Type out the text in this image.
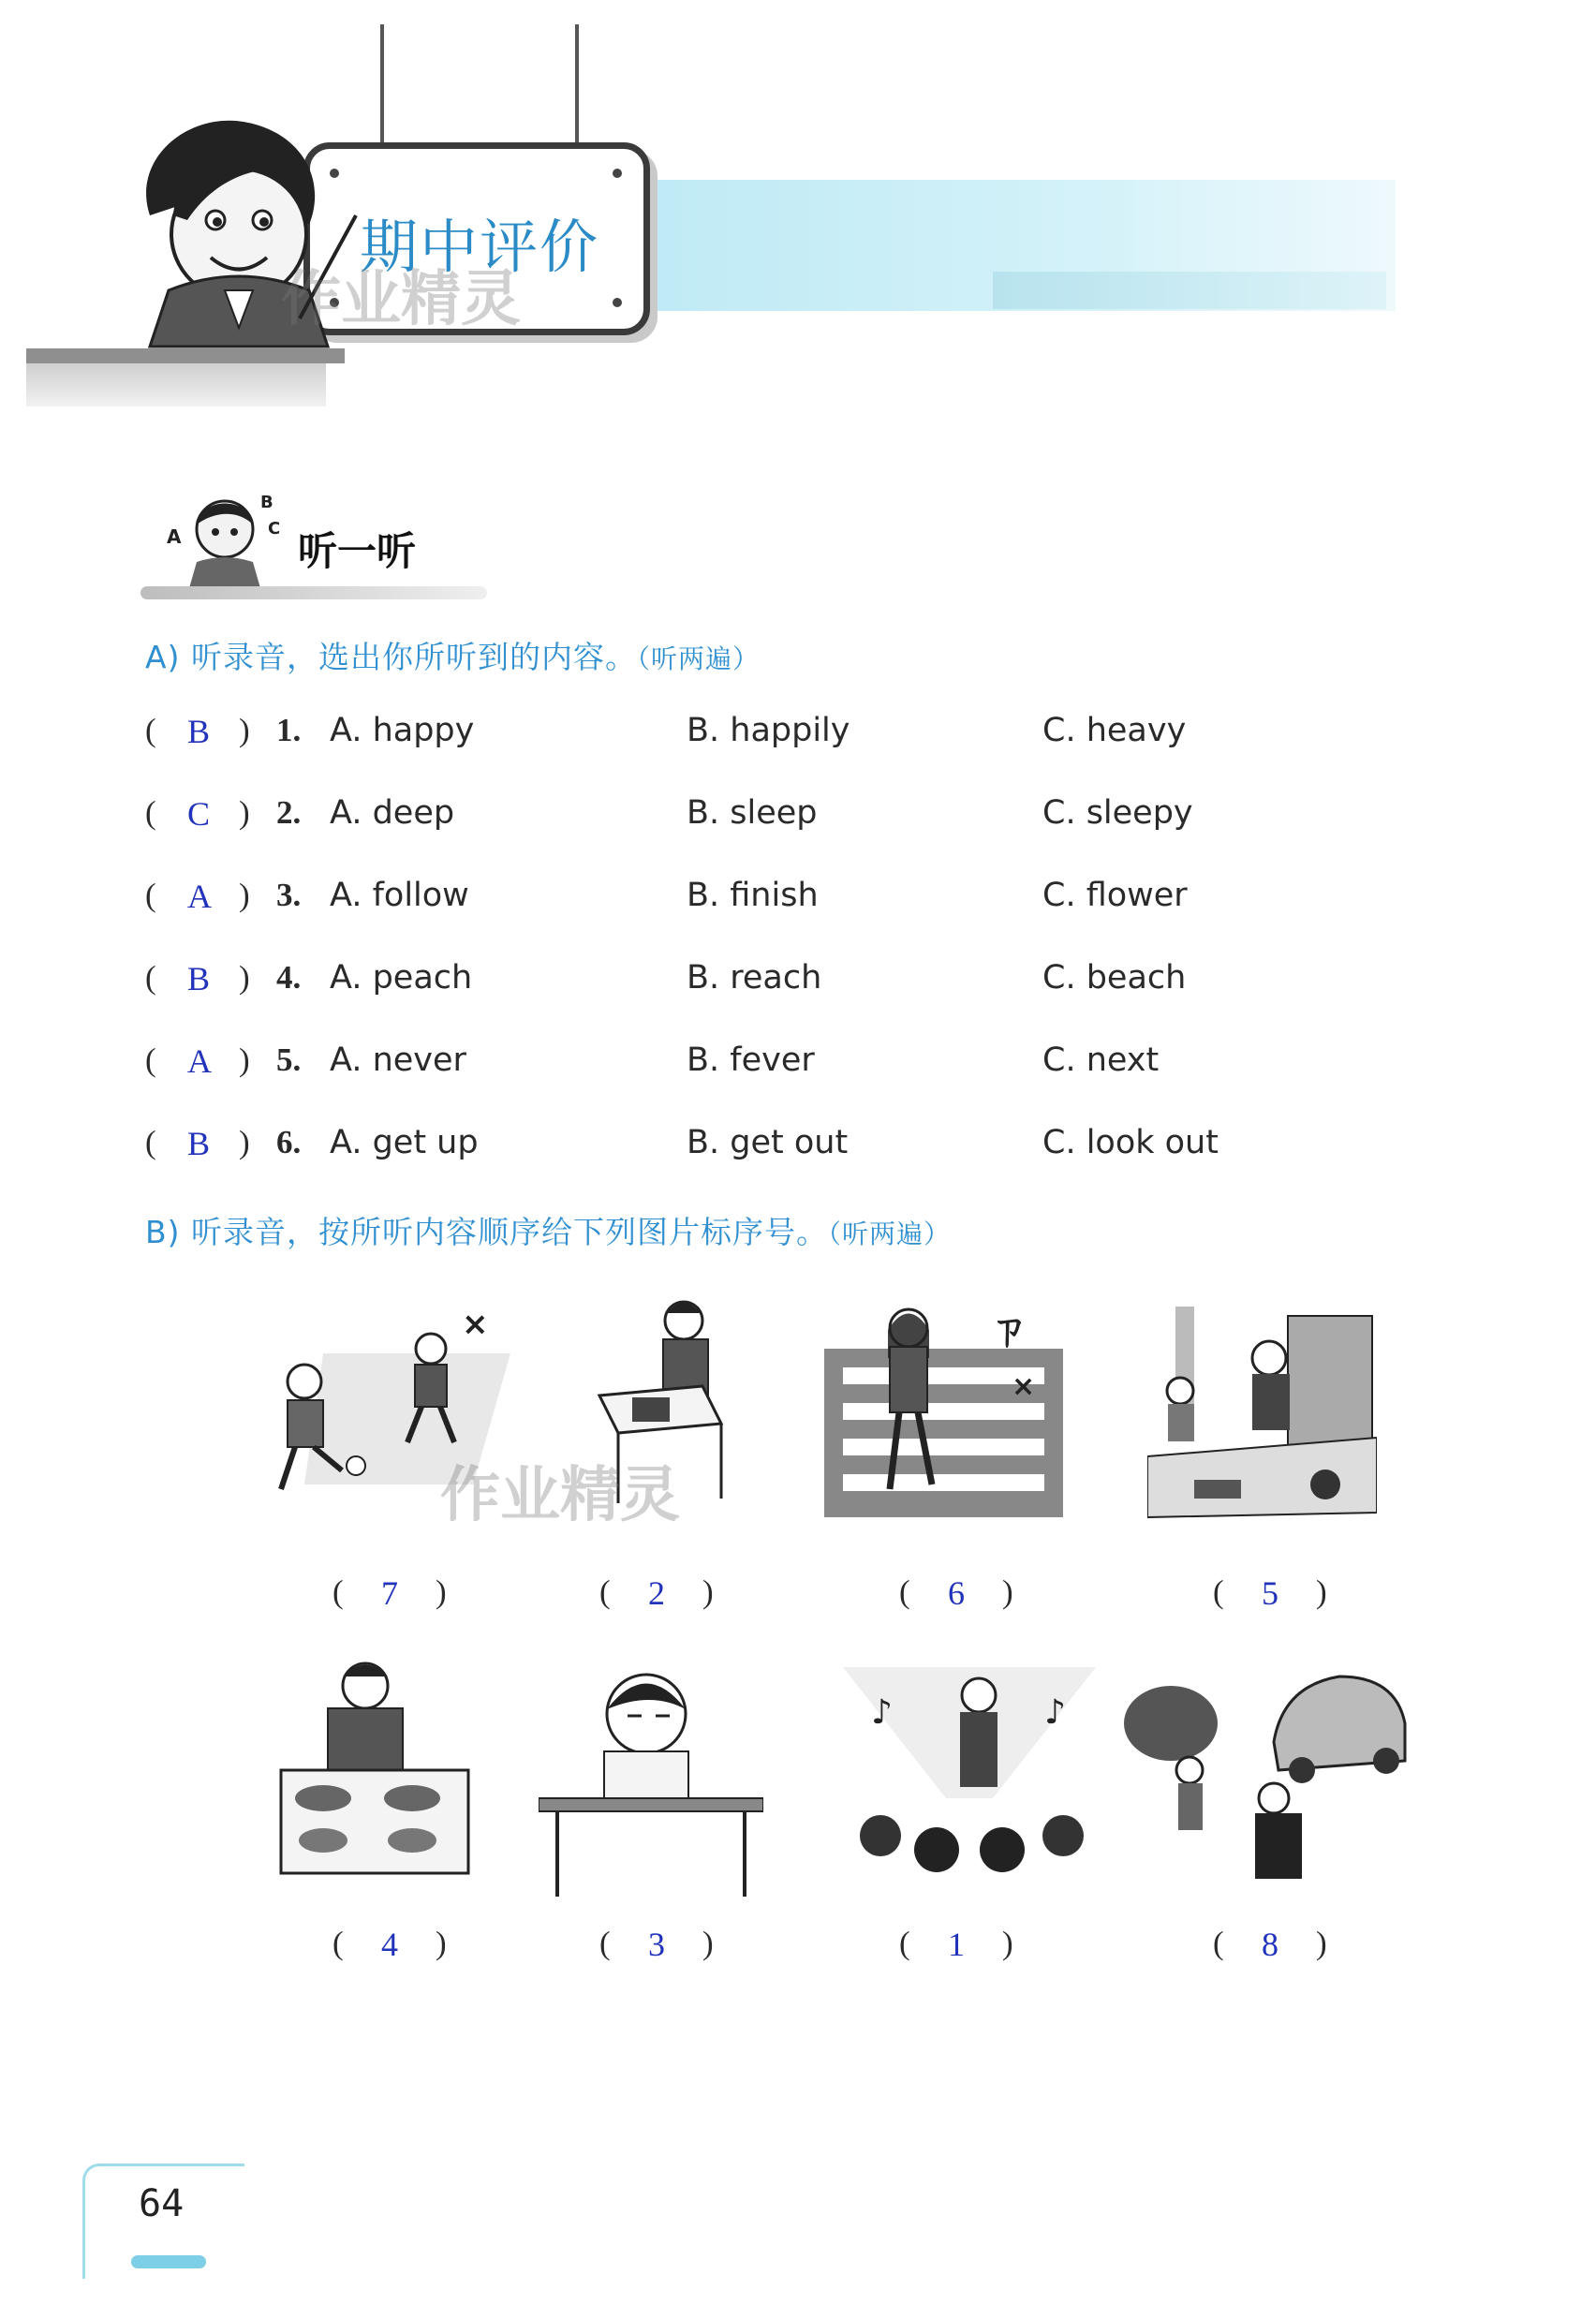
期中评价
作业精灵
A
B
C 听一听
A) 听录音，选出你所听到的内容。（听两遍）
( B ) 1. A. happy	B. happily	C. heavy
( C ) 2. A. deep	B. sleep	C. sleepy
( A ) 3. A. follow	B. finish	C. flower
( B ) 4. A. peach	B. reach	C. beach
( A ) 5. A. never	B. fever	C. next
( B ) 6. A. get up	B. get out	C. look out
B) 听录音，按所听内容顺序给下列图片标序号。（听两遍）
×	ㄗ
×
♪	♪
( 7 )	( 2 )	( 6 )	( 5 )
( 4 )	( 3 )	( 1 )	( 8 )
作业精灵
64
